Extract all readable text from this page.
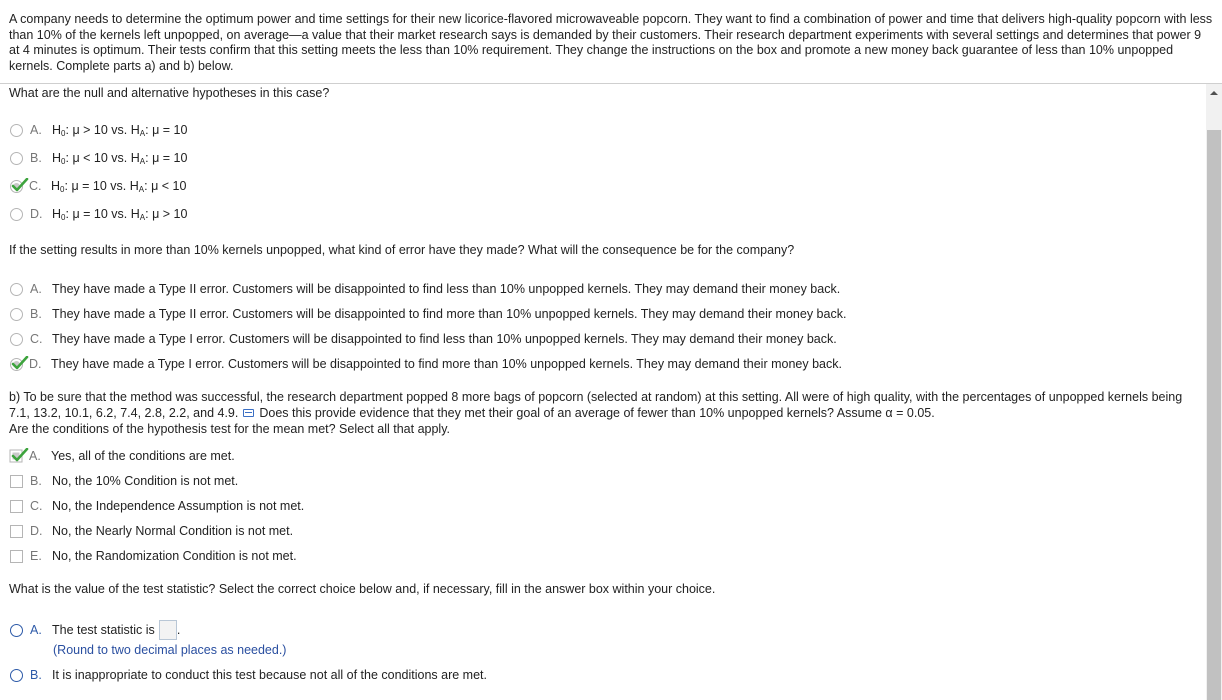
A company needs to determine the optimum power and time settings for their new licorice-flavored microwaveable popcorn. They want to find a combination of power and time that delivers high-quality popcorn with less than 10% of the kernels left unpopped, on average—a value that their market research says is demanded by their customers. Their research department experiments with several settings and determines that power 9 at 4 minutes is optimum. Their tests confirm that this setting meets the less than 10% requirement. They change the instructions on the box and promote a new money back guarantee of less than 10% unpopped kernels. Complete parts a) and b) below.

What are the null and alternative hypotheses in this case?
A. $H_0$: μ > 10 vs. $H_A$: μ = 10
B. $H_0$: μ < 10 vs. $H_A$: μ = 10
C. $H_0$: μ = 10 vs. $H_A$: μ < 10
D. $H_0$: μ = 10 vs. $H_A$: μ > 10
If the setting results in more than 10% kernels unpopped, what kind of error have they made? What will the consequence be for the company?
A. They have made a Type II error. Customers will be disappointed to find less than 10% unpopped kernels. They may demand their money back.
B. They have made a Type II error. Customers will be disappointed to find more than 10% unpopped kernels. They may demand their money back.
C. They have made a Type I error. Customers will be disappointed to find less than 10% unpopped kernels. They may demand their money back.
D. They have made a Type I error. Customers will be disappointed to find more than 10% unpopped kernels. They may demand their money back.
b) To be sure that the method was successful, the research department popped 8 more bags of popcorn (selected at random) at this setting. All were of high quality, with the percentages of unpopped kernels being 7.1, 13.2, 10.1, 6.2, 7.4, 2.8, 2.2, and 4.9. Does this provide evidence that they met their goal of an average of fewer than 10% unpopped kernels? Assume α = 0.05.
Are the conditions of the hypothesis test for the mean met? Select all that apply.
A. Yes, all of the conditions are met.
B. No, the 10% Condition is not met.
C. No, the Independence Assumption is not met.
D. No, the Nearly Normal Condition is not met.
E. No, the Randomization Condition is not met.
What is the value of the test statistic? Select the correct choice below and, if necessary, fill in the answer box within your choice.
A. The test statistic is .
(Round to two decimal places as needed.)
B. It is inappropriate to conduct this test because not all of the conditions are met.
